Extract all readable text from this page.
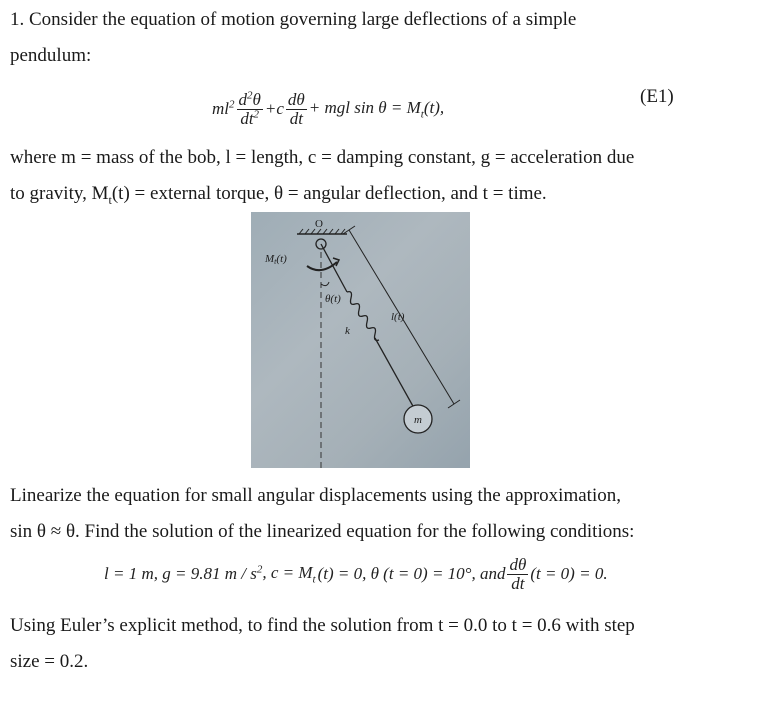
1. Consider the equation of motion governing large deflections of a simple
pendulum:
$ml^2 \frac{d^2\theta}{dt^2} +c \frac{d\theta}{dt}$ + mgl $\sin \theta = M_t(t)$,
(E1)
where m = mass of the bob, l = length, c = damping constant, g = acceleration due
to gravity, $M_t(t)$ = external torque, θ = angular deflection, and t = time.
O
Mt(t)
θ(t)
k
l(t)
m
Linearize the equation for small angular displacements using the approximation,
sin θ ≈ θ. Find the solution of the linearized equation for the following conditions:
l = 1 m, g = 9.81 m / $s^2$ , $c = M_t$ (t) = 0, θ (t = 0) = 10°, and $\frac{d\theta}{dt} (t = 0) = 0$.
Using Euler’s explicit method, to find the solution from t = 0.0 to t = 0.6 with step
size = 0.2.
